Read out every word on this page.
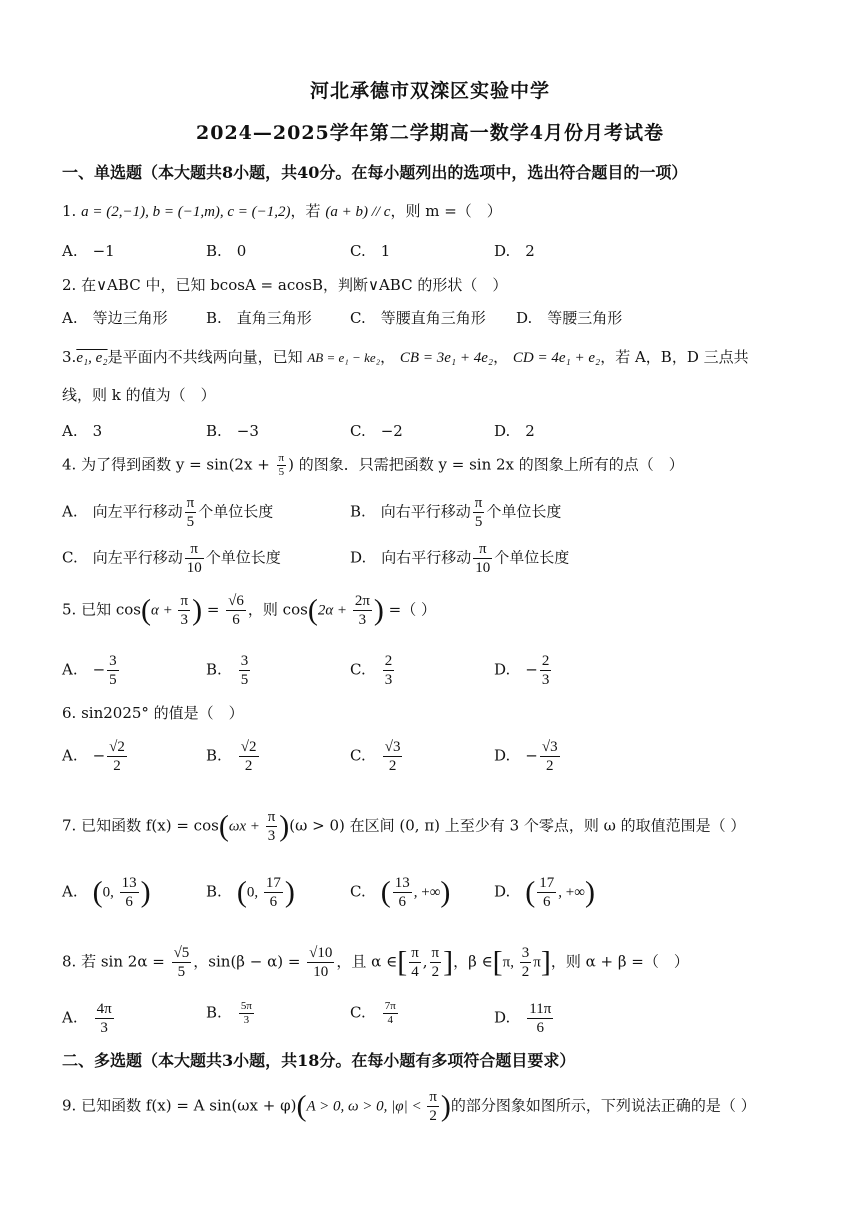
河北承德市双滦区实验中学
2024—2025学年第二学期高一数学4月份月考试卷
一、单选题（本大题共8小题，共40分。在每小题列出的选项中，选出符合题目的一项）
1. a = (2,−1), b = (−1,m), c = (−1,2)，若 (a + b) // c，则 m =（　）
A.　−1	B.　0	C.　1	D.　2
2. 在∨ABC 中，已知 bcosA = acosB，判断∨ABC 的形状（　）
A.　等边三角形	B.　直角三角形	C.　等腰直角三角形 D.　等腰三角形
3.e₁, e₂是平面内不共线两向量，已知 AB = e₁ − ke₂， CB = 3e₁ + 4e₂， CD = 4e₁ + e₂，若 A，B，D 三点共
线，则 k 的值为（　）
A.　3	B.　−3	C.　−2	D.　2
4. 为了得到函数 $y = \sin(2x + \frac{\pi}{5}$ ) 的图象．只需把函数 y = sin 2x 的图象上所有的点（　）
A.　向左平行移动 $\frac{\pi}{5}$ 个单位长度	B.　向右平行移动 $\frac{\pi}{5}$ 个单位长度
C.　向左平行移动 $\frac{\pi}{10}$ 个单位长度	D.　向右平行移动 $\frac{\pi}{10}$ 个单位长度
5. 已知 $\cos(\alpha + \frac{\pi}{3}$ ) = $\frac{√6}{6}$ ，则 $\cos(2\alpha + \frac{2\pi}{3}$ ) =（ ）
A.　− $\frac{3}{5}$	B.　 $\frac{3}{5}$	C.　 $\frac{2}{3}$	D.　− $\frac{2}{3}$
6. sin2025° 的值是（　）
A.　− $\frac{√2}{2}$	B.　 $\frac{√2}{2}$	C.　 $\frac{√3}{2}$	D.　− $\frac{√3}{2}$
7. 已知函数 $f(x) = \cos(\omega x + \frac{\pi}{3} )(\omega > 0)$ 在区间 (0, π) 上至少有 3 个零点，则 ω 的取值范围是（ ）
A.　 (0, $\frac{13}{6}$ )	B.　 (0, $\frac{17}{6}$ )	C.　 ( $\frac{13}{6}$ , +∞)	D.　 ( $\frac{17}{6}$ , +∞)
8. 若 $\sin 2\alpha = \frac{√5}{5}$ ，$\sin(\beta - \alpha) = \frac{√10}{10}$ ，且 α ∈[ $\frac{\pi}{4}$ , $\frac{\pi}{2}$ ]，β ∈[π, $\frac{3}{2} \pi$]，则 α + β =（　）
A.　 $\frac{4\pi}{3}$	B.　 $\frac{5\pi}{3}$	C.　 $\frac{7\pi}{4}$	D.　 $\frac{11\pi}{6}$
二、多选题（本大题共3小题，共18分。在每小题有多项符合题目要求）
9. 已知函数 f(x) = A sin(ωx + φ)(A > 0, ω > 0, $|\varphi| < \frac{\pi}{2}$ )的部分图象如图所示，下列说法正确的是（ ）
